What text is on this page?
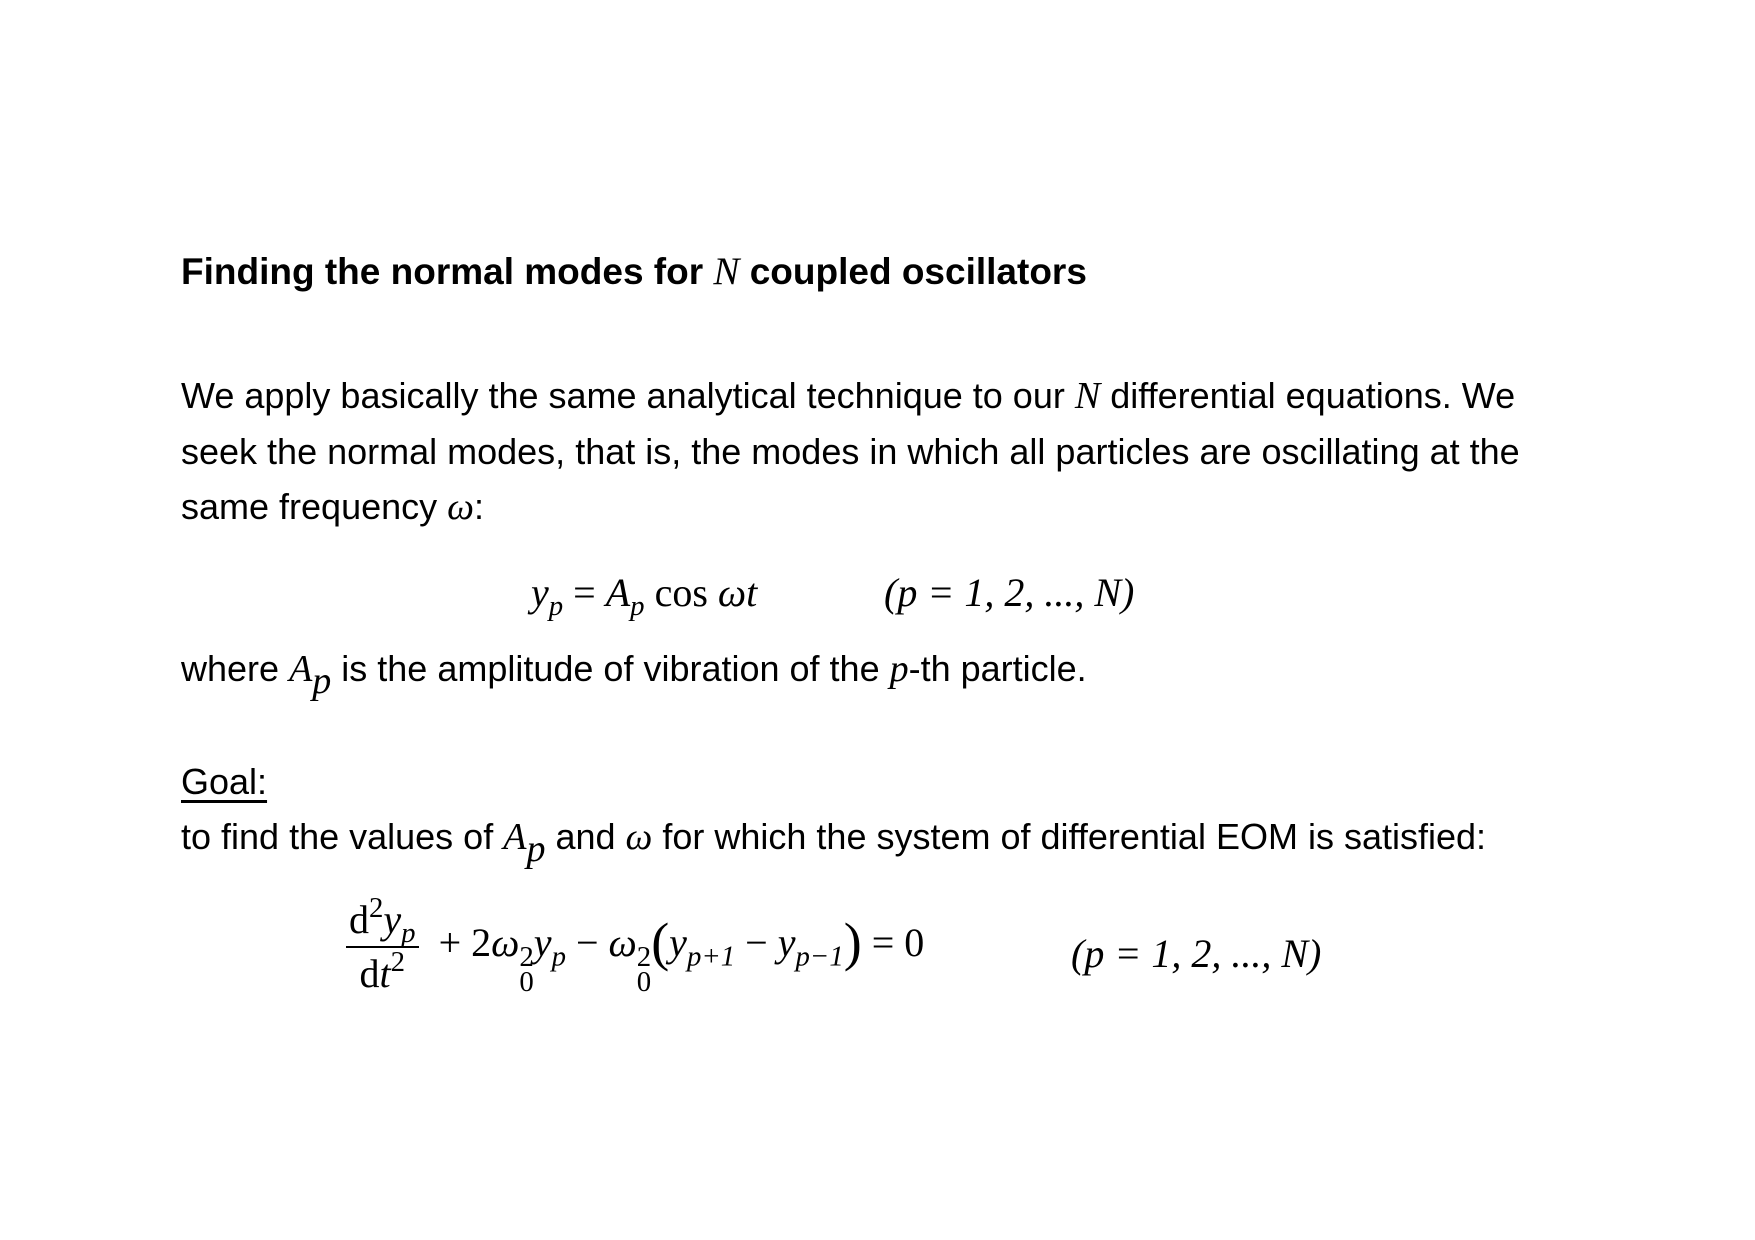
Finding the normal modes for N coupled oscillators
We apply basically the same analytical technique to our N differential equations. We
seek the normal modes, that is, the modes in which all particles are oscillating at the
same frequency ω:
$y_p = A_p$ cos ωt	(p = 1, 2, ..., N)
where Ap is the amplitude of vibration of the p-th particle.
Goal:
to find the values of Ap and ω for which the system of differential EOM is satisfied:
$\frac{d^2y_p}{dt^2} + 2\omega$ 2
0
$y_p - \omega$ 2
0
$(y_{p+1} - y_{p-1}) = 0$	(p = 1, 2, ..., N)
